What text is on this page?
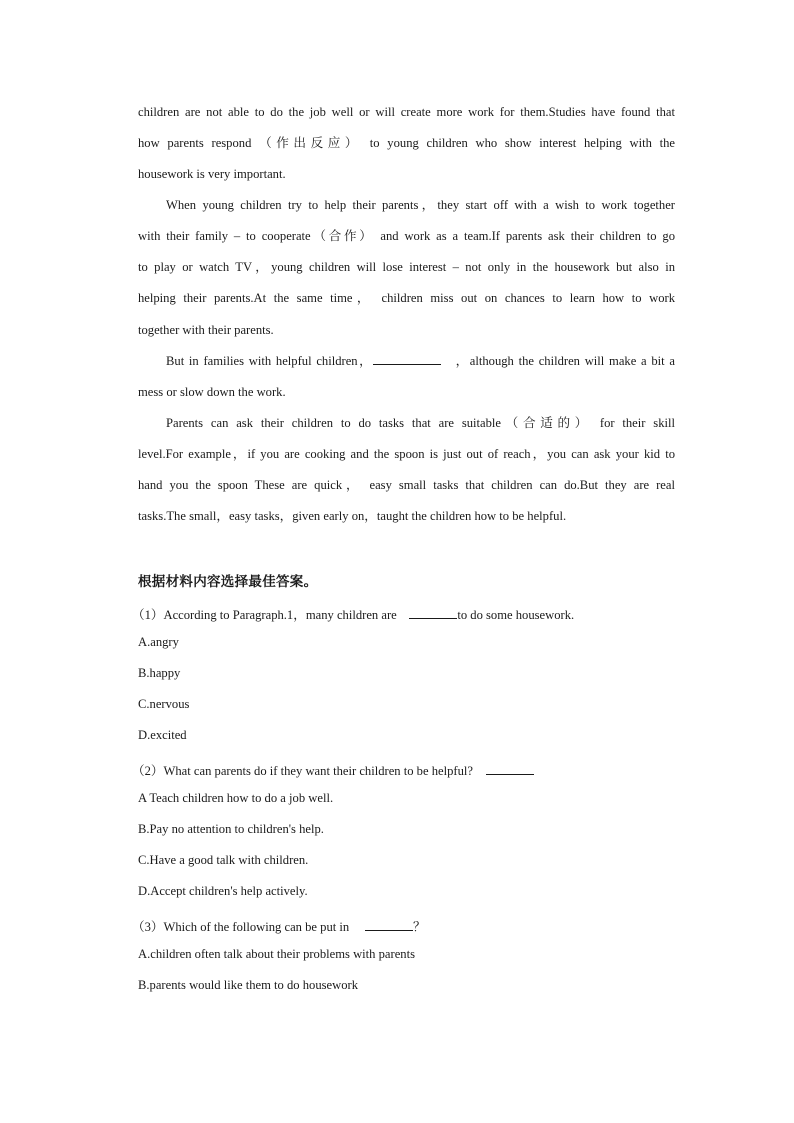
children are not able to do the job well or will create more work for them.Studies have found that
how parents respond （作出反应） to young children who show interest helping with the

housework is very important.

When young children try to help their parents，they start off with a wish to work together

with their family – to cooperate（合作） and work as a team.If parents ask their children to go
to play or watch TV，young children will lose interest – not only in the housework but also in
helping their parents.At the same time， children miss out on chances to learn how to work

together with their parents.

But in families with helpful children，	，although the children will make a bit a

mess or slow down the work.

Parents can ask their children to do tasks that are suitable（合适的） for their skill

level.For example，if you are cooking and the spoon is just out of reach，you can ask your kid to
hand you the spoon These are quick， easy small tasks that children can do.But they are real

tasks.The small，easy tasks，given early on，taught the children how to be helpful.

根据材料内容选择最佳答案。
（1）According to Paragraph.1，many children are	to do some housework.
A.angry
B.happy
C.nervous
D.excited
（2）What can parents do if they want their children to be helpful?
A Teach children how to do a job well.
B.Pay no attention to children's help.
C.Have a good talk with children.
D.Accept children's help actively.
（3）Which of the following can be put in	？
A.children often talk about their problems with parents
B.parents would like them to do housework
